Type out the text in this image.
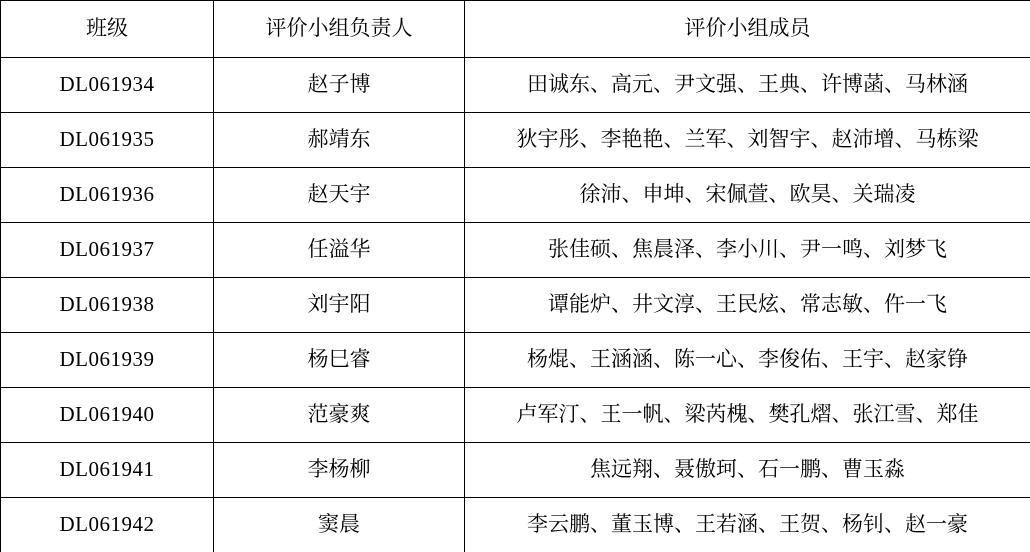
班级	评价小组负责人	评价小组成员
DL061934	赵子博	田诚东、高元、尹文强、王典、许博菡、马林涵
DL061935	郝靖东	狄宇彤、李艳艳、兰军、刘智宇、赵沛增、马栋梁
DL061936	赵天宇	徐沛、申坤、宋佩萱、欧昊、关瑞凌
DL061937	任溢华	张佳硕、焦晨泽、李小川、尹一鸣、刘梦飞
DL061938	刘宇阳	谭能炉、井文淳、王民炫、常志敏、仵一飞
DL061939	杨巳睿	杨焜、王涵涵、陈一心、李俊佑、王宇、赵家铮
DL061940	范豪爽	卢军汀、王一帆、梁芮槐、樊孔熠、张江雪、郑佳
DL061941	李杨柳	焦远翔、聂傲珂、石一鹏、曹玉淼
DL061942	窦晨	李云鹏、董玉博、王若涵、王贺、杨钊、赵一豪
